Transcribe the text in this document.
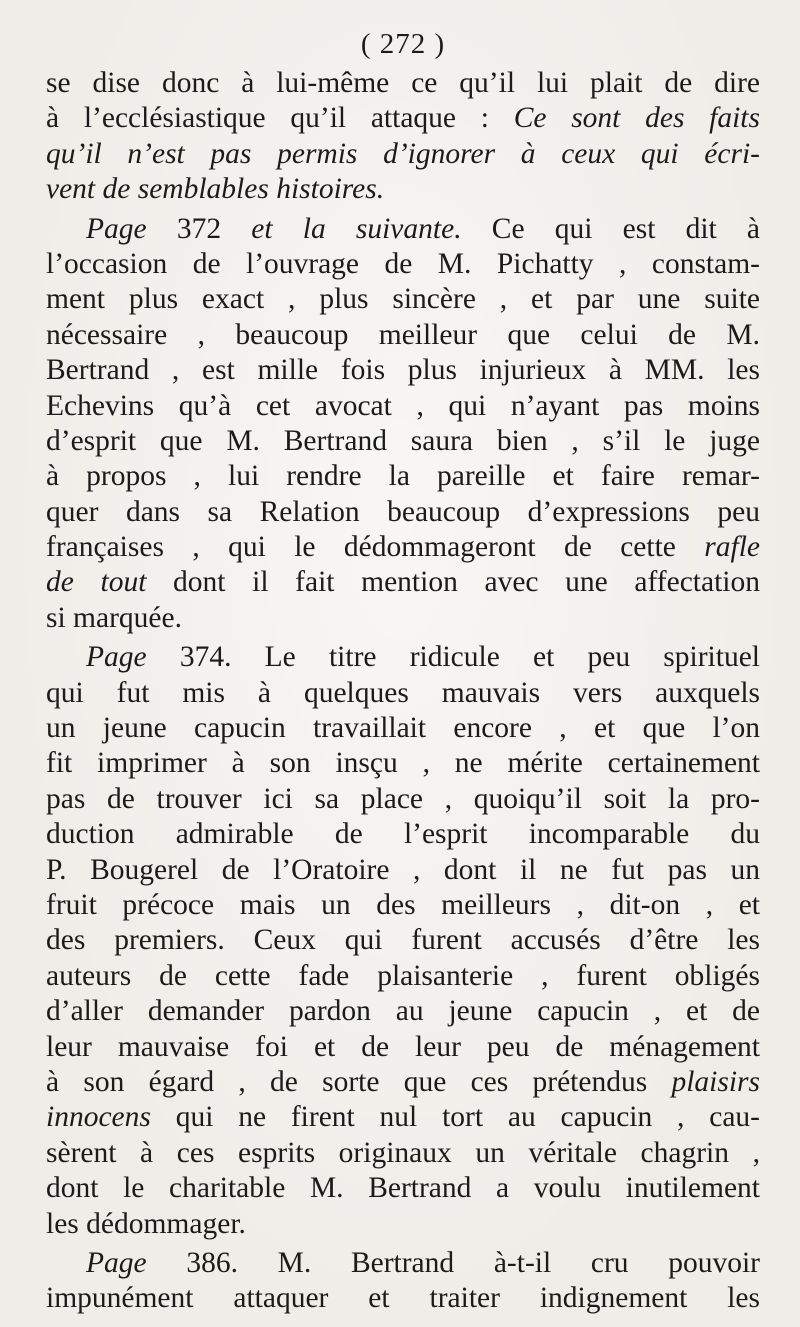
( 272 )
se dise donc à lui-même ce qu’il lui plait de dire
à l’ecclésiastique qu’il attaque : Ce sont des faits
qu’il n’est pas permis d’ignorer à ceux qui écri-
vent de semblables histoires.
Page 372 et la suivante. Ce qui est dit à
l’occasion de l’ouvrage de M. Pichatty , constam-
ment plus exact , plus sincère , et par une suite
nécessaire , beaucoup meilleur que celui de M.
Bertrand , est mille fois plus injurieux à MM. les
Echevins qu’à cet avocat , qui n’ayant pas moins
d’esprit que M. Bertrand saura bien , s’il le juge
à propos , lui rendre la pareille et faire remar-
quer dans sa Relation beaucoup d’expressions peu
françaises , qui le dédommageront de cette rafle
de tout dont il fait mention avec une affectation
si marquée.
Page 374. Le titre ridicule et peu spirituel
qui fut mis à quelques mauvais vers auxquels
un jeune capucin travaillait encore , et que l’on
fit imprimer à son insçu , ne mérite certainement
pas de trouver ici sa place , quoiqu’il soit la pro-
duction admirable de l’esprit incomparable du
P. Bougerel de l’Oratoire , dont il ne fut pas un
fruit précoce mais un des meilleurs , dit-on , et
des premiers. Ceux qui furent accusés d’être les
auteurs de cette fade plaisanterie , furent obligés
d’aller demander pardon au jeune capucin , et de
leur mauvaise foi et de leur peu de ménagement
à son égard , de sorte que ces prétendus plaisirs
innocens qui ne firent nul tort au capucin , cau-
sèrent à ces esprits originaux un véritale chagrin ,
dont le charitable M. Bertrand a voulu inutilement
les dédommager.
Page 386. M. Bertrand à-t-il cru pouvoir
impunément attaquer et traiter indignement les
